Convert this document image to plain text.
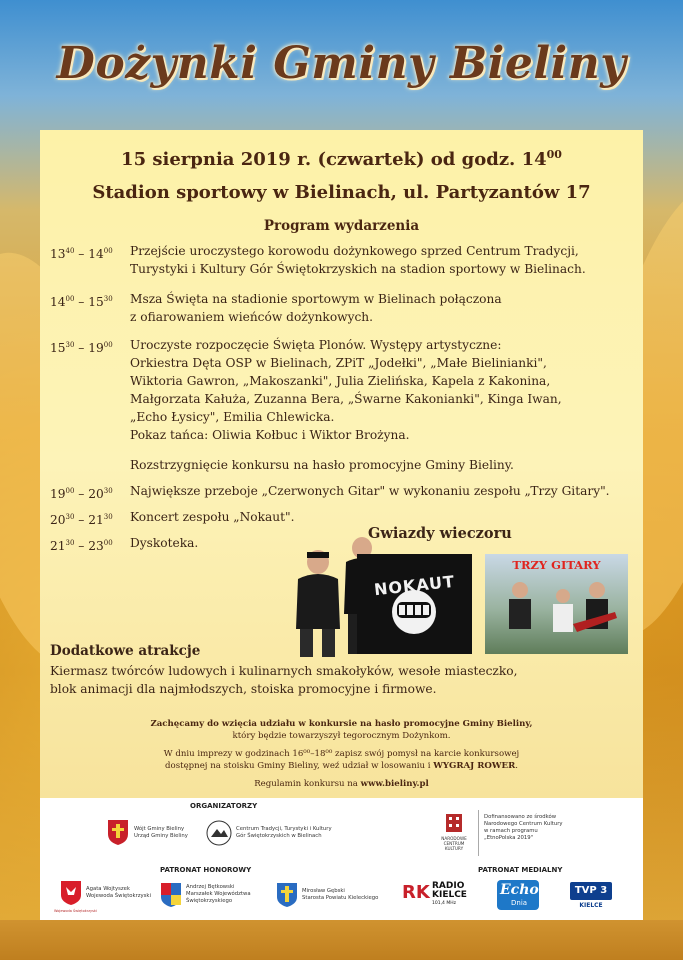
Dożynki Gminy Bieliny
15 sierpnia 2019 r. (czwartek) od godz. $14^{00}$
Stadion sportowy w Bielinach, ul. Partyzantów 17
Program wydarzenia
$13^{40} - 14^{00}$ Przejście uroczystego korowodu dożynkowego sprzed Centrum Tradycji,
Turystyki i Kultury Gór Świętokrzyskich na stadion sportowy w Bielinach.
$14^{00} - 15^{30}$ Msza Święta na stadionie sportowym w Bielinach połączona
z ofiarowaniem wieńców dożynkowych.
$15^{30} - 19^{00}$ Uroczyste rozpoczęcie Święta Plonów. Występy artystyczne:
Orkiestra Dęta OSP w Bielinach, ZPiT „Jodełki", „Małe Bielinianki",
Wiktoria Gawron, „Makoszanki", Julia Zielińska, Kapela z Kakonina,
Małgorzata Kałuża, Zuzanna Bera, „Śwarne Kakonianki", Kinga Iwan,
„Echo Łysicy", Emilia Chlewicka.
Pokaz tańca: Oliwia Kołbuc i Wiktor Brożyna.
Rozstrzygnięcie konkursu na hasło promocyjne Gminy Bieliny.
$19^{00} - 20^{30}$ Największe przeboje „Czerwonych Gitar" w wykonaniu zespołu „Trzy Gitary".
$20^{30} - 21^{30}$ Koncert zespołu „Nokaut".
$21^{30} - 23^{00}$ Dyskoteka.
Gwiazdy wieczoru
NOKAUT
TRZY GITARY
Dodatkowe atrakcje
Kiermasz twórców ludowych i kulinarnych smakołyków, wesołe miasteczko,
blok animacji dla najmłodszych, stoiska promocyjne i firmowe.
Zachęcamy do wzięcia udziału w konkursie na hasło promocyjne Gminy Bieliny,
który będzie towarzyszył tegorocznym Dożynkom.
W dniu imprezy w godzinach 16⁰⁰–18⁰⁰ zapisz swój pomysł na karcie konkursowej
dostępnej na stoisku Gminy Bieliny, weź udział w losowaniu i WYGRAJ ROWER.
Regulamin konkursu na www.bieliny.pl
ORGANIZATORZY
Wójt Gminy Bieliny
Urząd Gminy Bieliny
Centrum Tradycji, Turystyki i Kultury
Gór Świętokrzyskich w Bielinach	NARODOWE
CENTRUM
KULTURY
Dofinansowano ze środków
Narodowego Centrum Kultury
w ramach programu
„EtnoPolska 2019"
PATRONAT HONOROWY
Wojewoda Świętokrzyski
Agata Wojtyszek
Wojewoda Świętokrzyski
Andrzej Bętkowski
Marszałek Województwa
Świętokrzyskiego
Mirosław Gębski
Starosta Powiatu Kieleckiego
PATRONAT MEDIALNY
RK RADIO
KIELCE
101,4 MHz
Echo
Dnia
TVP 3
KIELCE
